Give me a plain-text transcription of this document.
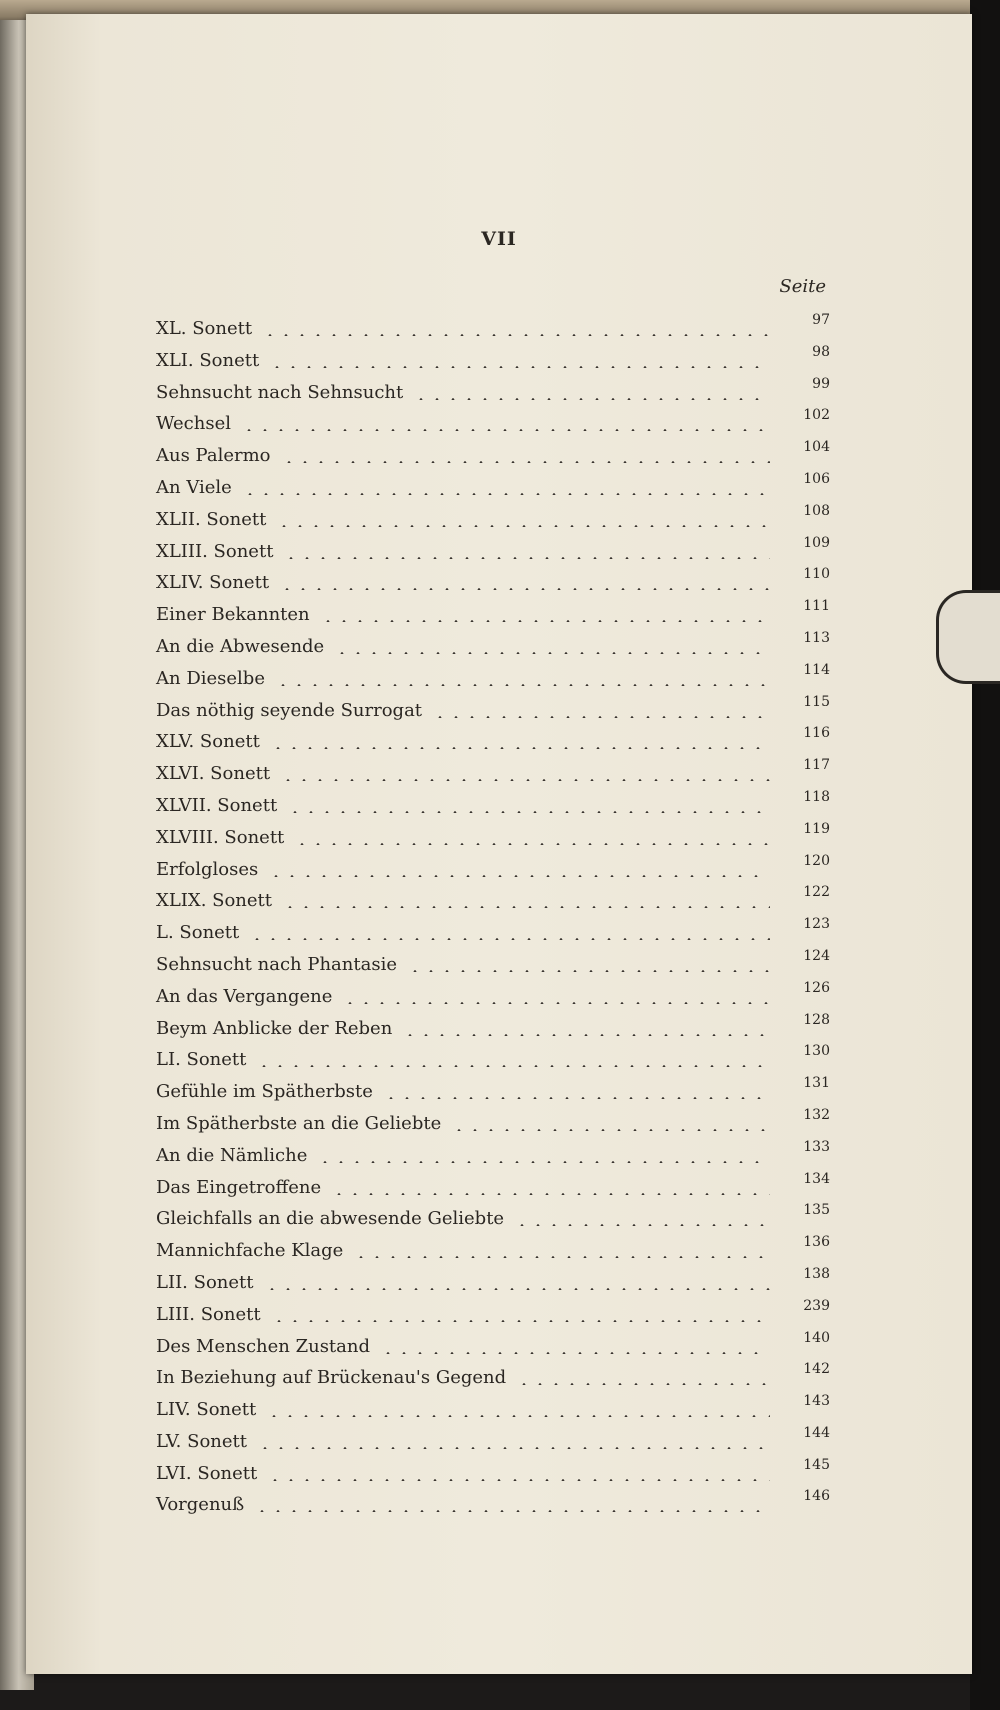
VII
Seite
XL. Sonett	97
XLI. Sonett	98
Sehnsucht nach Sehnsucht	99
Wechsel	102
Aus Palermo	104
An Viele	106
XLII. Sonett	108
XLIII. Sonett	109
XLIV. Sonett	110
Einer Bekannten	111
An die Abwesende	113
An Dieselbe	114
Das nöthig seyende Surrogat	115
XLV. Sonett	116
XLVI. Sonett	117
XLVII. Sonett	118
XLVIII. Sonett	119
Erfolgloses	120
XLIX. Sonett	122
L. Sonett	123
Sehnsucht nach Phantasie	124
An das Vergangene	126
Beym Anblicke der Reben	128
LI. Sonett	130
Gefühle im Spätherbste	131
Im Spätherbste an die Geliebte	132
An die Nämliche	133
Das Eingetroffene	134
Gleichfalls an die abwesende Geliebte	135
Mannichfache Klage	136
LII. Sonett	138
LIII. Sonett	239
Des Menschen Zustand	140
In Beziehung auf Brückenau's Gegend	142
LIV. Sonett	143
LV. Sonett	144
LVI. Sonett	145
Vorgenuß	146
